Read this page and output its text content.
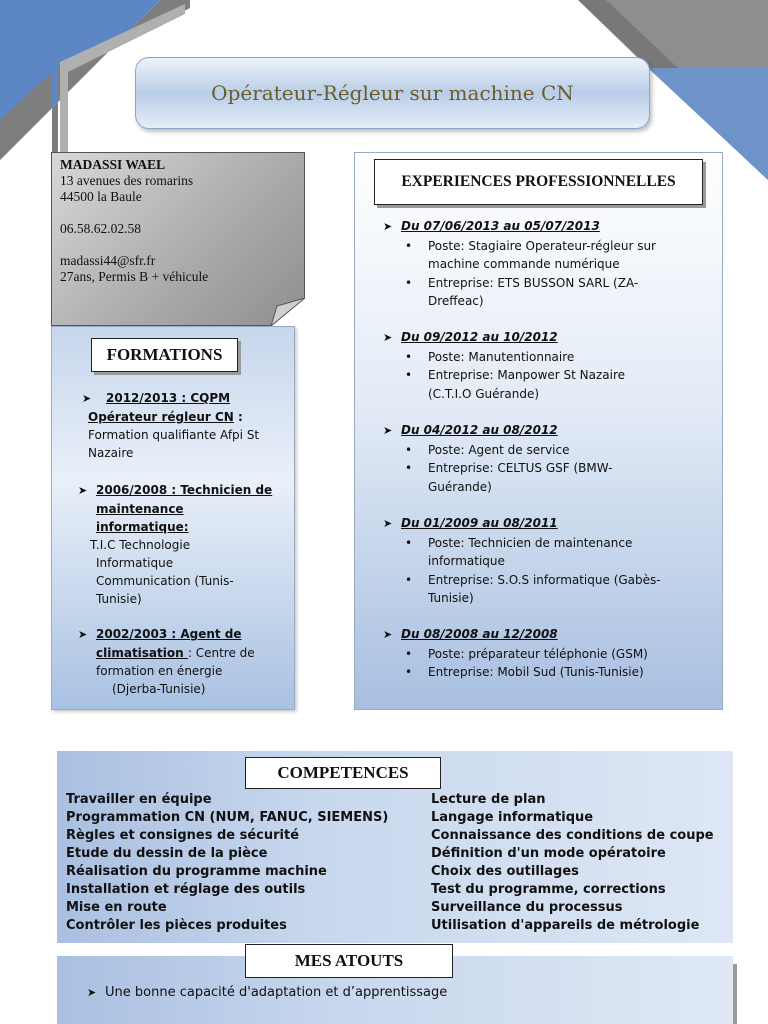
Opérateur-Régleur sur machine CN
MADASSI WAEL
13 avenues des romarins
44500 la Baule
06.58.62.02.58
madassi44@sfr.fr
27ans, Permis B + véhicule
FORMATIONS
➤ 2012/2013 : CQPM
Opérateur régleur CN :
Formation qualifiante Afpi St
Nazaire
➤ 2006/2008 : Technicien de
maintenance
informatique:
T.I.C Technologie
Informatique
Communication (Tunis-
Tunisie)
➤ 2002/2003 : Agent de
climatisation : Centre de
formation en énergie
(Djerba-Tunisie)
EXPERIENCES PROFESSIONNELLES
➤ Du 07/06/2013 au 05/07/2013
• Poste: Stagiaire Operateur-régleur sur
machine commande numérique
• Entreprise: ETS BUSSON SARL (ZA-
Dreffeac)
➤ Du 09/2012 au 10/2012
• Poste: Manutentionnaire
• Entreprise: Manpower St Nazaire
(C.T.I.O Guérande)
➤ Du 04/2012 au 08/2012
• Poste: Agent de service
• Entreprise: CELTUS GSF (BMW-
Guérande)
➤ Du 01/2009 au 08/2011
• Poste: Technicien de maintenance
informatique
• Entreprise: S.O.S informatique (Gabès-
Tunisie)
➤ Du 08/2008 au 12/2008
• Poste: préparateur téléphonie (GSM)
• Entreprise: Mobil Sud (Tunis-Tunisie)
COMPETENCES
Travailler en équipe
Programmation CN (NUM, FANUC, SIEMENS)
Règles et consignes de sécurité
Etude du dessin de la pièce
Réalisation du programme machine
Installation et réglage des outils
Mise en route
Contrôler les pièces produites
Lecture de plan
Langage informatique
Connaissance des conditions de coupe
Définition d'un mode opératoire
Choix des outillages
Test du programme, corrections
Surveillance du processus
Utilisation d'appareils de métrologie
MES ATOUTS
➤ Une bonne capacité d'adaptation et d’apprentissage
